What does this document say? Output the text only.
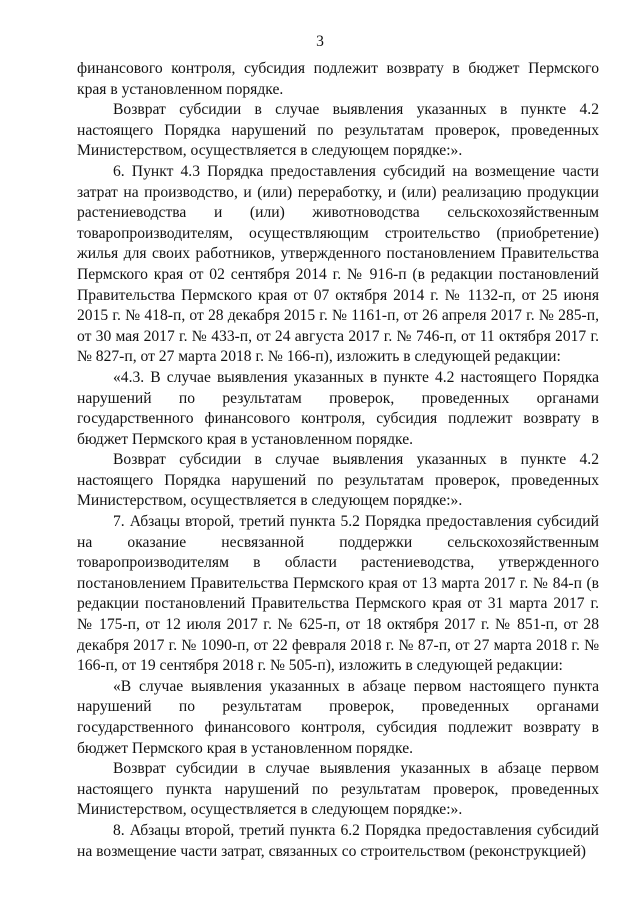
3

финансового контроля, субсидия подлежит возврату в бюджет Пермского края в установленном порядке.

Возврат субсидии в случае выявления указанных в пункте 4.2 настоящего Порядка нарушений по результатам проверок, проведенных Министерством, осуществляется в следующем порядке:».

6. Пункт 4.3 Порядка предоставления субсидий на возмещение части затрат на производство, и (или) переработку, и (или) реализацию продукции растениеводства и (или) животноводства сельскохозяйственным товаропроизводителям, осуществляющим строительство (приобретение) жилья для своих работников, утвержденного постановлением Правительства Пермского края от 02 сентября 2014 г. № 916-п (в редакции постановлений Правительства Пермского края от 07 октября 2014 г. № 1132-п, от 25 июня 2015 г. № 418-п, от 28 декабря 2015 г. № 1161-п, от 26 апреля 2017 г. № 285-п, от 30 мая 2017 г. № 433-п, от 24 августа 2017 г. № 746-п, от 11 октября 2017 г. № 827-п, от 27 марта 2018 г. № 166-п), изложить в следующей редакции:

«4.3. В случае выявления указанных в пункте 4.2 настоящего Порядка нарушений по результатам проверок, проведенных органами государственного финансового контроля, субсидия подлежит возврату в бюджет Пермского края в установленном порядке.

Возврат субсидии в случае выявления указанных в пункте 4.2 настоящего Порядка нарушений по результатам проверок, проведенных Министерством, осуществляется в следующем порядке:».

7. Абзацы второй, третий пункта 5.2 Порядка предоставления субсидий на оказание несвязанной поддержки сельскохозяйственным товаропроизводителям в области растениеводства, утвержденного постановлением Правительства Пермского края от 13 марта 2017 г. № 84-п (в редакции постановлений Правительства Пермского края от 31 марта 2017 г. № 175-п, от 12 июля 2017 г. № 625-п, от 18 октября 2017 г. № 851-п, от 28 декабря 2017 г. № 1090-п, от 22 февраля 2018 г. № 87-п, от 27 марта 2018 г. № 166-п, от 19 сентября 2018 г. № 505-п), изложить в следующей редакции:

«В случае выявления указанных в абзаце первом настоящего пункта нарушений по результатам проверок, проведенных органами государственного финансового контроля, субсидия подлежит возврату в бюджет Пермского края в установленном порядке.

Возврат субсидии в случае выявления указанных в абзаце первом настоящего пункта нарушений по результатам проверок, проведенных Министерством, осуществляется в следующем порядке:».

8. Абзацы второй, третий пункта 6.2 Порядка предоставления субсидий на возмещение части затрат, связанных со строительством (реконструкцией)
